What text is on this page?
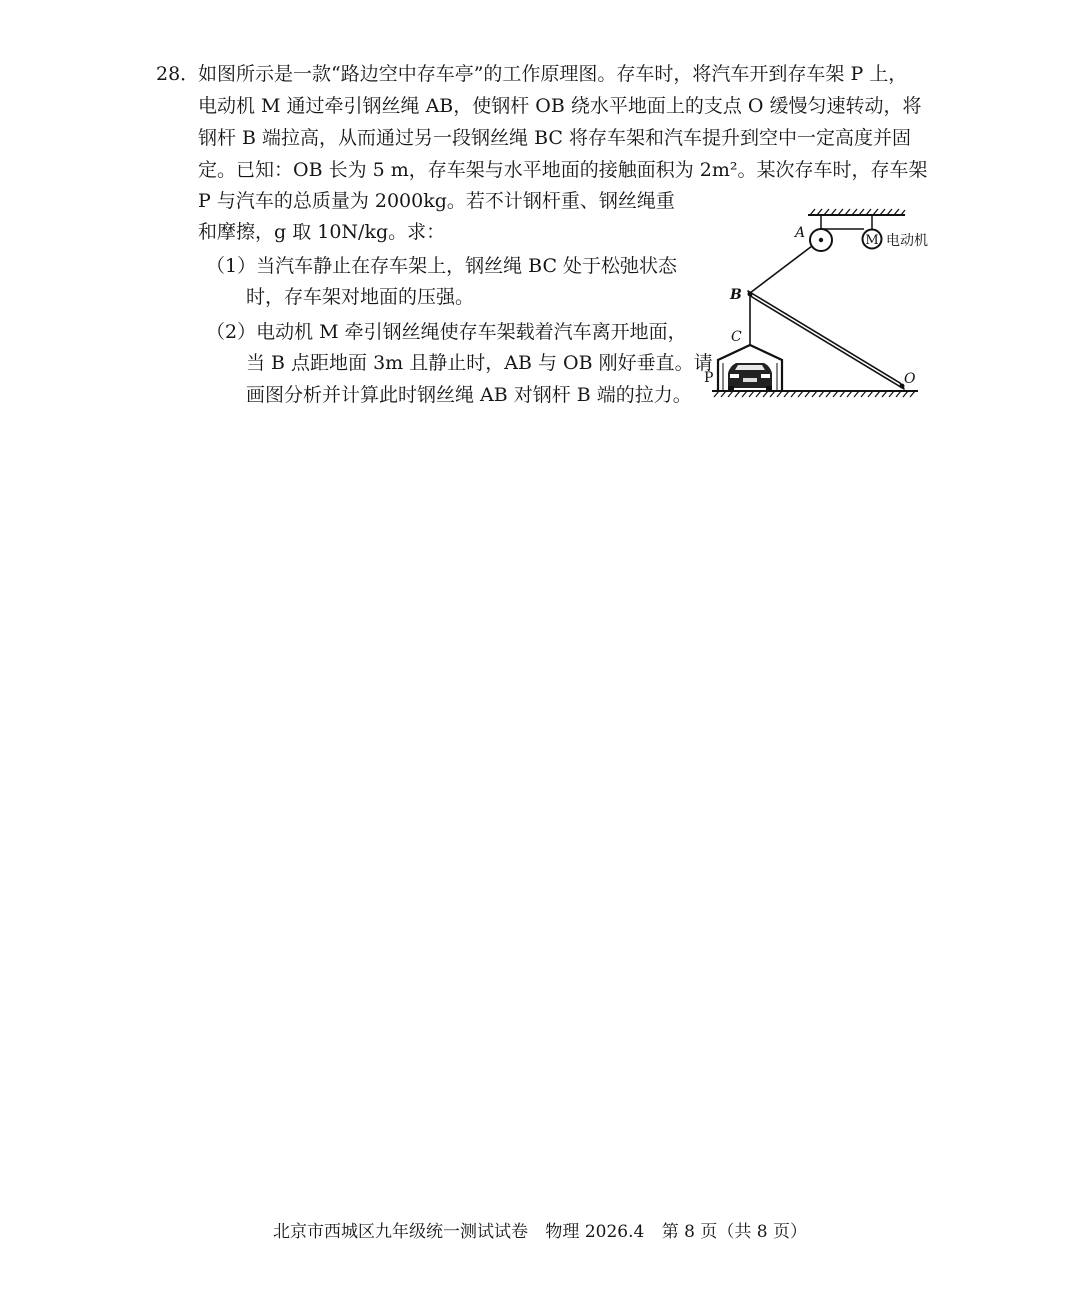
28．
如图所示是一款“路边空中存车亭”的工作原理图。存车时，将汽车开到存车架 P 上，
电动机 M 通过牵引钢丝绳 AB，使钢杆 OB 绕水平地面上的支点 O 缓慢匀速转动，将
钢杆 B 端拉高，从而通过另一段钢丝绳 BC 将存车架和汽车提升到空中一定高度并固
定。已知：OB 长为 5 m，存车架与水平地面的接触面积为 2m²。某次存车时，存车架
P 与汽车的总质量为 2000kg。若不计钢杆重、钢丝绳重
和摩擦，g 取 10N/kg。求：
（1）当汽车静止在存车架上，钢丝绳 BC 处于松弛状态
时，存车架对地面的压强。
（2）电动机 M 牵引钢丝绳使存车架载着汽车离开地面，
当 B 点距地面 3m 且静止时，AB 与 OB 刚好垂直。请
画图分析并计算此时钢丝绳 AB 对钢杆 B 端的拉力。
M 电动机
A
B
O
C
P
北京市西城区九年级统一测试试卷 物理 2026.4 第 8 页（共 8 页）
